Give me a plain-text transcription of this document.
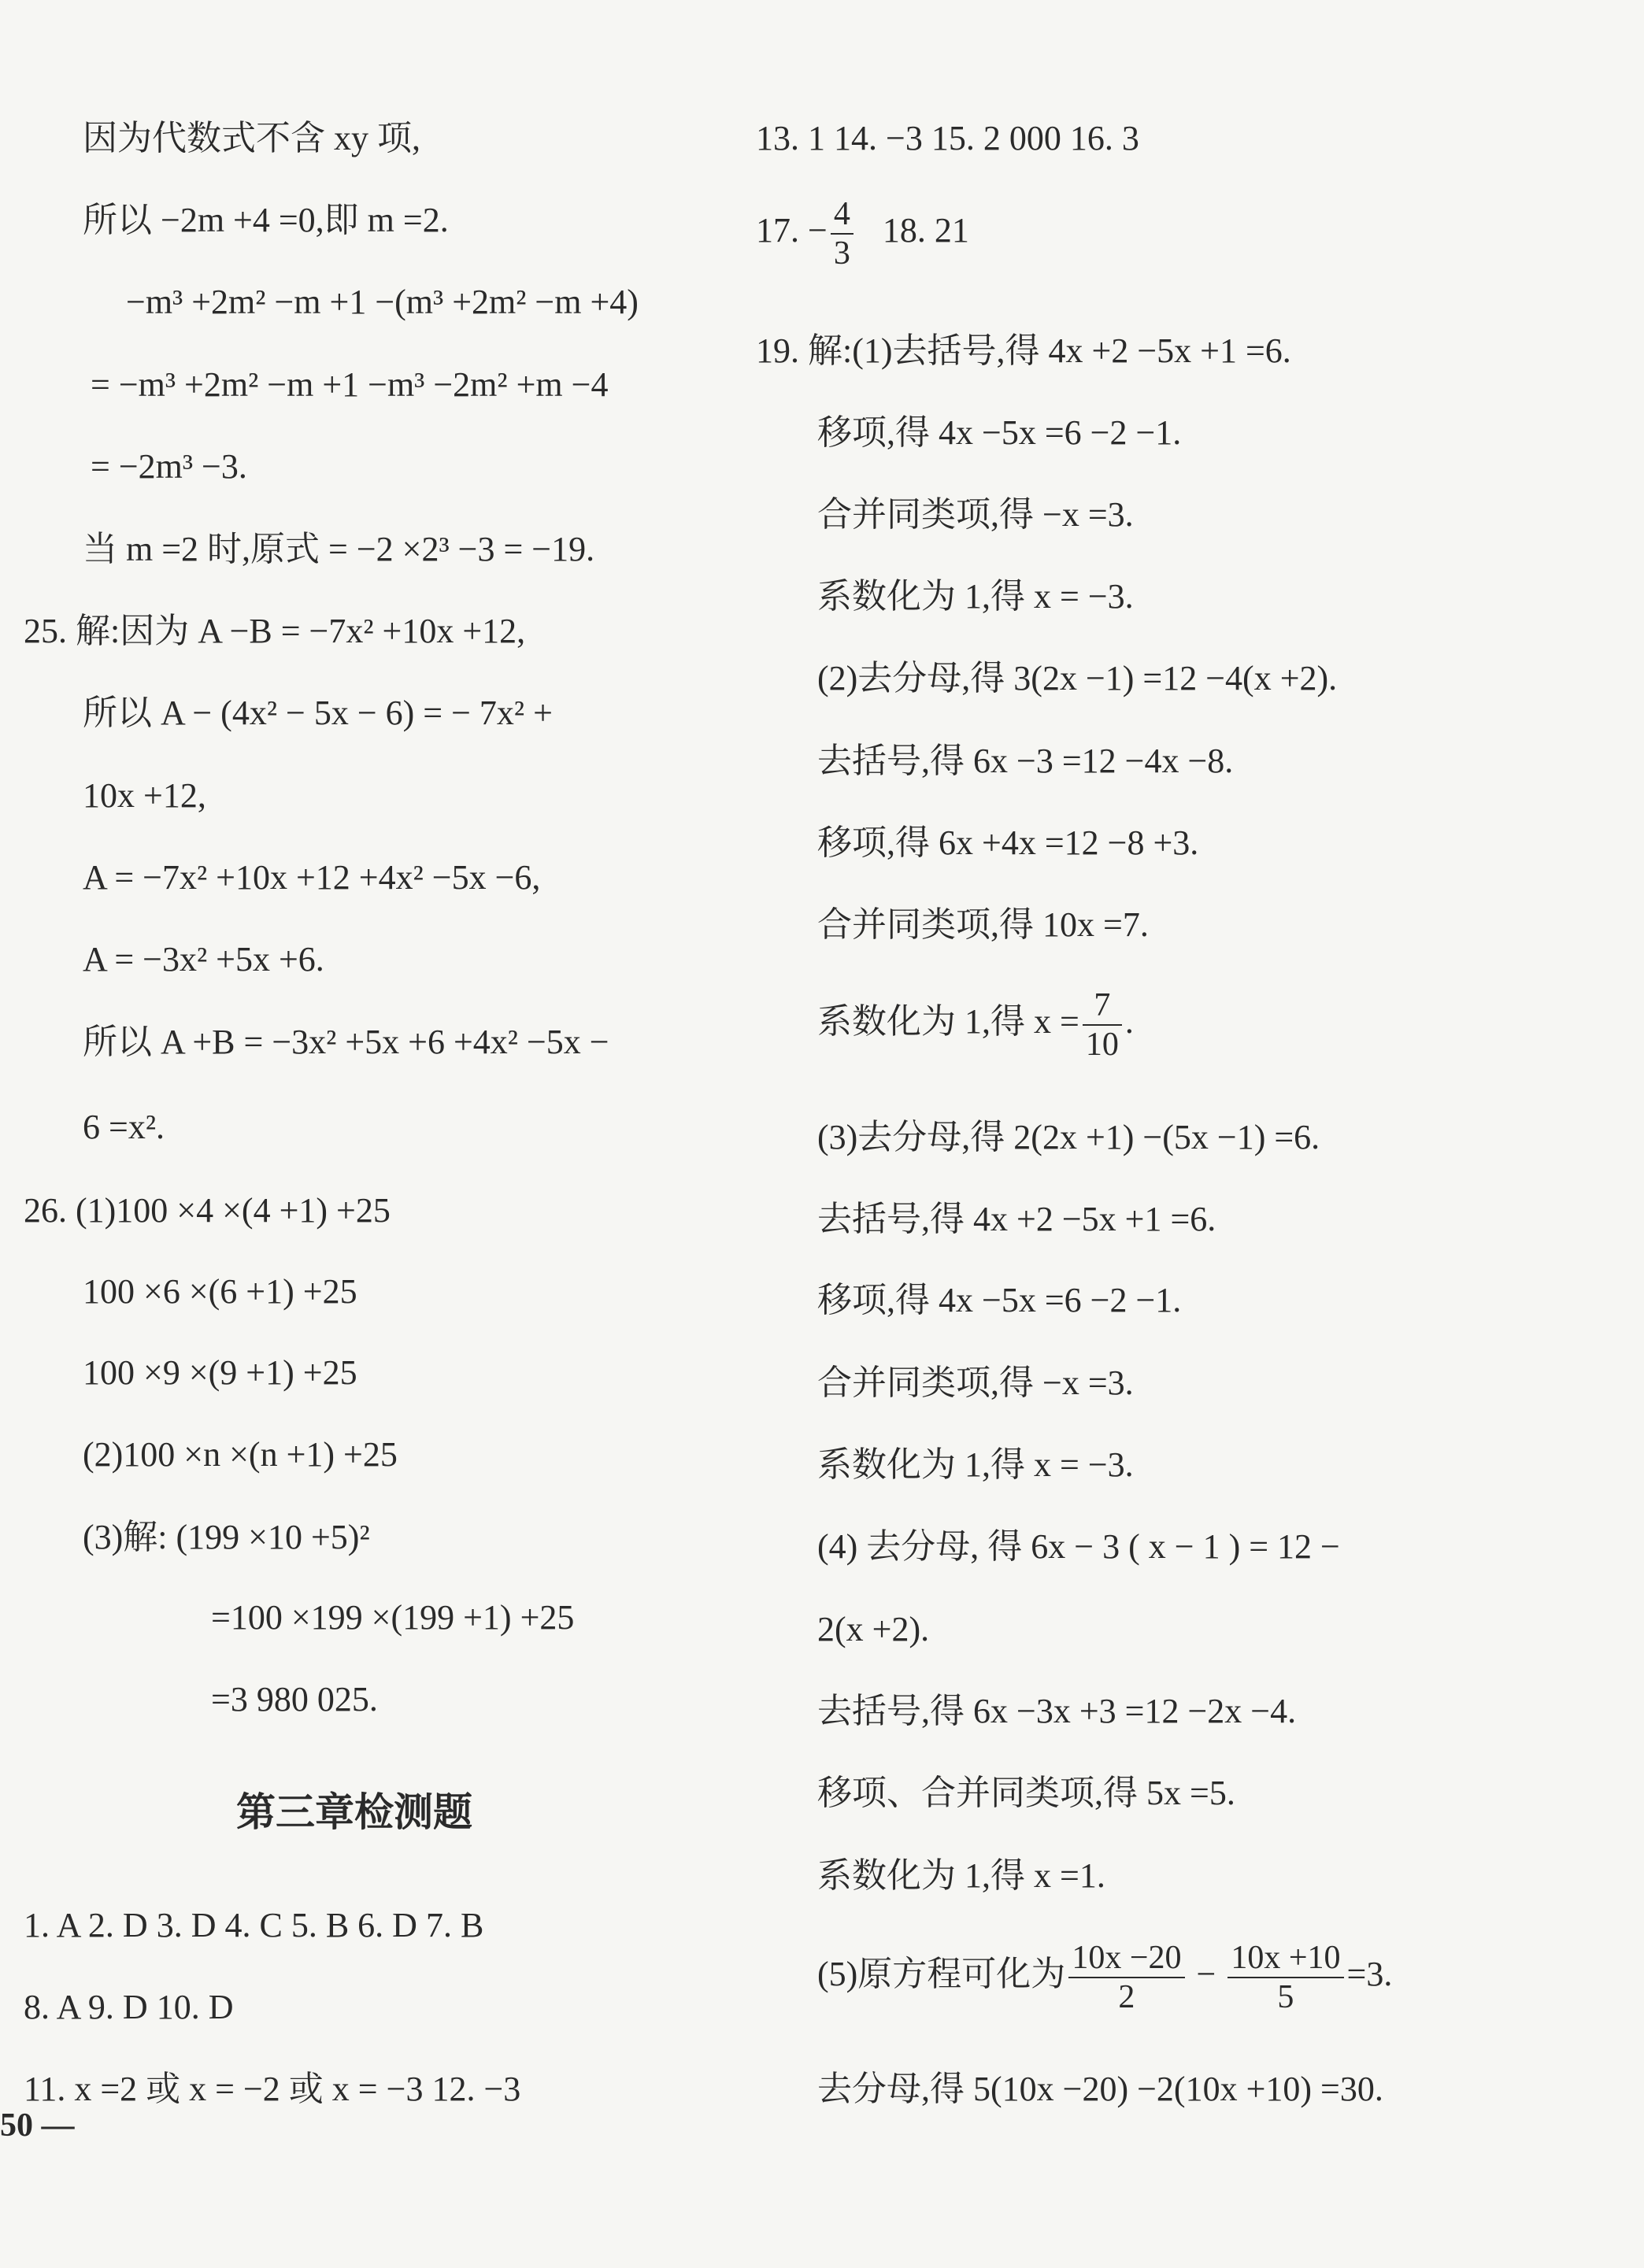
因为代数式不含 xy 项,
所以 −2m +4 =0,即 m =2.
−m³ +2m² −m +1 −(m³ +2m² −m +4)
= −m³ +2m² −m +1 −m³ −2m² +m −4
= −2m³ −3.
当 m =2 时,原式 = −2 ×2³ −3 = −19.
25. 解:因为 A −B = −7x² +10x +12,
所以 A − (4x² − 5x − 6) = − 7x² +
10x +12,
A = −7x² +10x +12 +4x² −5x −6,
A = −3x² +5x +6.
所以 A +B = −3x² +5x +6 +4x² −5x −
6 =x².
26. (1)100 ×4 ×(4 +1) +25
100 ×6 ×(6 +1) +25
100 ×9 ×(9 +1) +25
(2)100 ×n ×(n +1) +25
(3)解: (199 ×10 +5)²
=100 ×199 ×(199 +1) +25
=3 980 025.
第三章检测题
1. A 2. D 3. D 4. C 5. B 6. D 7. B
8. A 9. D 10. D
11. x =2 或 x = −2 或 x = −3 12. −3
50 —
13. 1 14. −3 15. 2 000 16. 3
17. − $\frac{4}{3} 18$. 21
19. 解:(1)去括号,得 4x +2 −5x +1 =6.
移项,得 4x −5x =6 −2 −1.
合并同类项,得 −x =3.
系数化为 1,得 x = −3.
(2)去分母,得 3(2x −1) =12 −4(x +2).
去括号,得 6x −3 =12 −4x −8.
移项,得 6x +4x =12 −8 +3.
合并同类项,得 10x =7.
系数化为 1,得 $x = \frac{7}{10}$ .
(3)去分母,得 2(2x +1) −(5x −1) =6.
去括号,得 4x +2 −5x +1 =6.
移项,得 4x −5x =6 −2 −1.
合并同类项,得 −x =3.
系数化为 1,得 x = −3.
(4) 去分母, 得 6x − 3 ( x − 1 ) = 12 −
2(x +2).
去括号,得 6x −3x +3 =12 −2x −4.
移项、合并同类项,得 5x =5.
系数化为 1,得 x =1.
(5)原方程可化为 $\frac{10x -20}{2} - \frac{10x +10}{5} =3$.
去分母,得 5(10x −20) −2(10x +10) =30.
